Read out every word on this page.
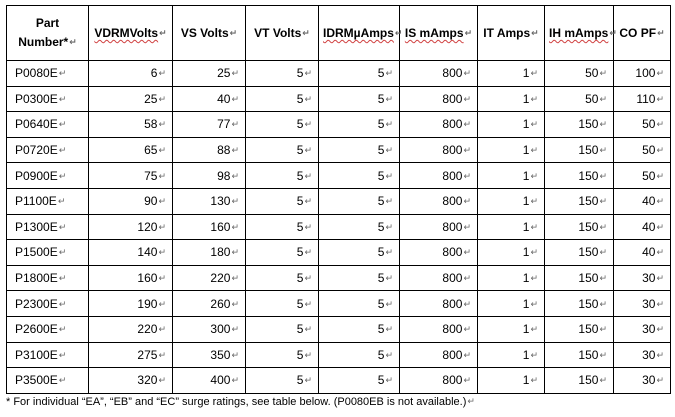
Part
Number*↵	VDRMVolts↵	VS Volts↵	VT Volts↵	IDRMµAmps↵	IS mAmps↵	IT Amps↵	IH mAmps↵	CO PF↵
P0080E↵	6↵	25↵	5↵	5↵	800↵	1↵	50↵	100↵
P0300E↵	25↵	40↵	5↵	5↵	800↵	1↵	50↵	110↵
P0640E↵	58↵	77↵	5↵	5↵	800↵	1↵	150↵	50↵
P0720E↵	65↵	88↵	5↵	5↵	800↵	1↵	150↵	50↵
P0900E↵	75↵	98↵	5↵	5↵	800↵	1↵	150↵	50↵
P1100E↵	90↵	130↵	5↵	5↵	800↵	1↵	150↵	40↵
P1300E↵	120↵	160↵	5↵	5↵	800↵	1↵	150↵	40↵
P1500E↵	140↵	180↵	5↵	5↵	800↵	1↵	150↵	40↵
P1800E↵	160↵	220↵	5↵	5↵	800↵	1↵	150↵	30↵
P2300E↵	190↵	260↵	5↵	5↵	800↵	1↵	150↵	30↵
P2600E↵	220↵	300↵	5↵	5↵	800↵	1↵	150↵	30↵
P3100E↵	275↵	350↵	5↵	5↵	800↵	1↵	150↵	30↵
P3500E↵	320↵	400↵	5↵	5↵	800↵	1↵	150↵	30↵
* For individual “EA”, “EB” and “EC” surge ratings, see table below. (P0080EB is not available.)↵
